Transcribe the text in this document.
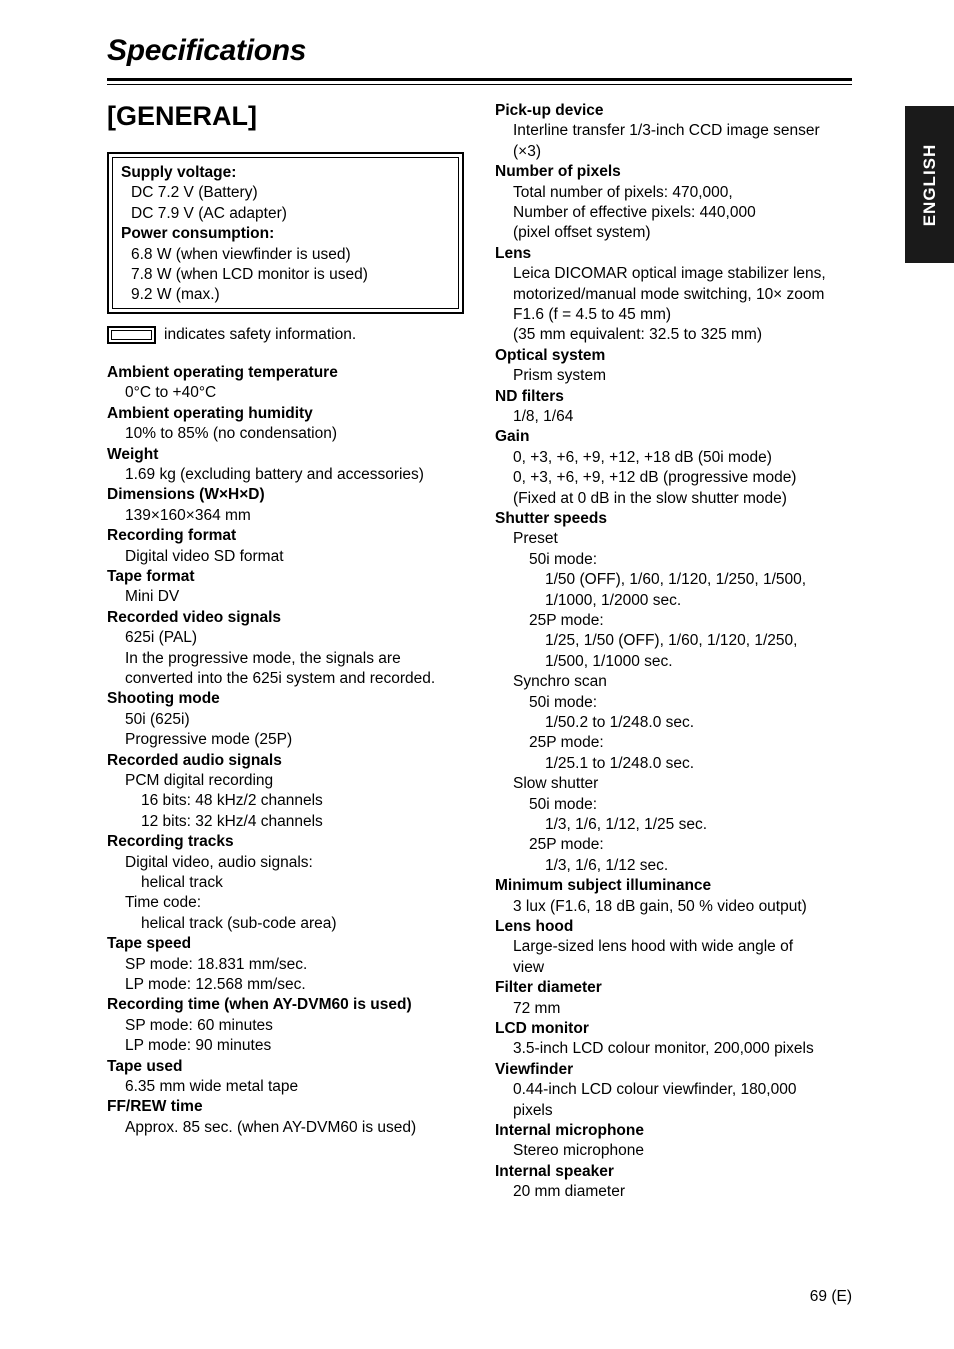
Specifications
[GENERAL]
Supply voltage:
DC 7.2 V (Battery)
DC 7.9 V (AC adapter)
Power consumption:
6.8 W (when viewfinder is used)
7.8 W (when LCD monitor is used)
9.2 W (max.)
indicates safety information.
Ambient operating temperature
0°C to +40°C
Ambient operating humidity
10% to 85% (no condensation)
Weight
1.69 kg (excluding battery and accessories)
Dimensions (W×H×D)
139×160×364 mm
Recording format
Digital video SD format
Tape format
Mini DV
Recorded video signals
625i (PAL)
In the progressive mode, the signals are
converted into the 625i system and recorded.
Shooting mode
50i (625i)
Progressive mode (25P)
Recorded audio signals
PCM digital recording
16 bits: 48 kHz/2 channels
12 bits: 32 kHz/4 channels
Recording tracks
Digital video, audio signals:
helical track
Time code:
helical track (sub-code area)
Tape speed
SP mode: 18.831 mm/sec.
LP mode: 12.568 mm/sec.
Recording time (when AY-DVM60 is used)
SP mode: 60 minutes
LP mode: 90 minutes
Tape used
6.35 mm wide metal tape
FF/REW time
Approx. 85 sec. (when AY-DVM60 is used)
Pick-up device
Interline transfer 1/3-inch CCD image senser
(×3)
Number of pixels
Total number of pixels: 470,000,
Number of effective pixels: 440,000
(pixel offset system)
Lens
Leica DICOMAR optical image stabilizer lens,
motorized/manual mode switching, 10× zoom
F1.6 (f = 4.5 to 45 mm)
(35 mm equivalent: 32.5 to 325 mm)
Optical system
Prism system
ND filters
1/8, 1/64
Gain
0, +3, +6, +9, +12, +18 dB (50i mode)
0, +3, +6, +9, +12 dB (progressive mode)
(Fixed at 0 dB in the slow shutter mode)
Shutter speeds
Preset
50i mode:
1/50 (OFF), 1/60, 1/120, 1/250, 1/500,
1/1000, 1/2000 sec.
25P mode:
1/25, 1/50 (OFF), 1/60, 1/120, 1/250,
1/500, 1/1000 sec.
Synchro scan
50i mode:
1/50.2 to 1/248.0 sec.
25P mode:
1/25.1 to 1/248.0 sec.
Slow shutter
50i mode:
1/3, 1/6, 1/12, 1/25 sec.
25P mode:
1/3, 1/6, 1/12 sec.
Minimum subject illuminance
3 lux (F1.6, 18 dB gain, 50 % video output)
Lens hood
Large-sized lens hood with wide angle of
view
Filter diameter
72 mm
LCD monitor
3.5-inch LCD colour monitor, 200,000 pixels
Viewfinder
0.44-inch LCD colour viewfinder, 180,000
pixels
Internal microphone
Stereo microphone
Internal speaker
20 mm diameter
ENGLISH
69 (E)
